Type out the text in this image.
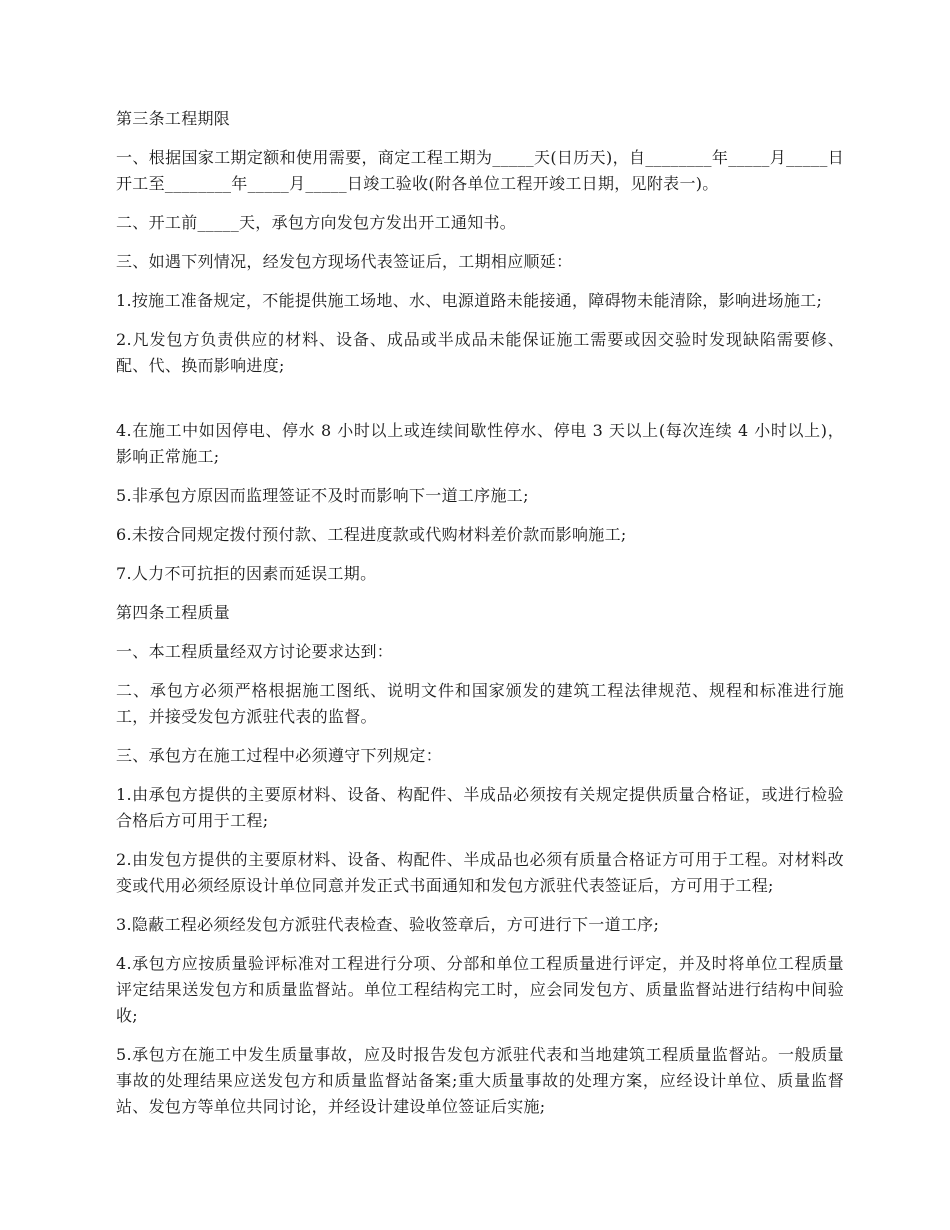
第三条工程期限

一、根据国家工期定额和使用需要，商定工程工期为_____天(日历天)，自________年_____月_____日开工至________年_____月_____日竣工验收(附各单位工程开竣工日期，见附表一)。

二、开工前_____天，承包方向发包方发出开工通知书。

三、如遇下列情况，经发包方现场代表签证后，工期相应顺延：

1.按施工准备规定，不能提供施工场地、水、电源道路未能接通，障碍物未能清除，影响进场施工;

2.凡发包方负责供应的材料、设备、成品或半成品未能保证施工需要或因交验时发现缺陷需要修、配、代、换而影响进度;

4.在施工中如因停电、停水 8 小时以上或连续间歇性停水、停电 3 天以上(每次连续 4 小时以上)，影响正常施工;

5.非承包方原因而监理签证不及时而影响下一道工序施工;

6.未按合同规定拨付预付款、工程进度款或代购材料差价款而影响施工;

7.人力不可抗拒的因素而延误工期。

第四条工程质量

一、本工程质量经双方讨论要求达到：

二、承包方必须严格根据施工图纸、说明文件和国家颁发的建筑工程法律规范、规程和标准进行施工，并接受发包方派驻代表的监督。

三、承包方在施工过程中必须遵守下列规定：

1.由承包方提供的主要原材料、设备、构配件、半成品必须按有关规定提供质量合格证，或进行检验合格后方可用于工程;

2.由发包方提供的主要原材料、设备、构配件、半成品也必须有质量合格证方可用于工程。对材料改变或代用必须经原设计单位同意并发正式书面通知和发包方派驻代表签证后，方可用于工程;

3.隐蔽工程必须经发包方派驻代表检查、验收签章后，方可进行下一道工序;

4.承包方应按质量验评标准对工程进行分项、分部和单位工程质量进行评定，并及时将单位工程质量评定结果送发包方和质量监督站。单位工程结构完工时，应会同发包方、质量监督站进行结构中间验收;

5.承包方在施工中发生质量事故，应及时报告发包方派驻代表和当地建筑工程质量监督站。一般质量事故的处理结果应送发包方和质量监督站备案;重大质量事故的处理方案，应经设计单位、质量监督站、发包方等单位共同讨论，并经设计建设单位签证后实施;
